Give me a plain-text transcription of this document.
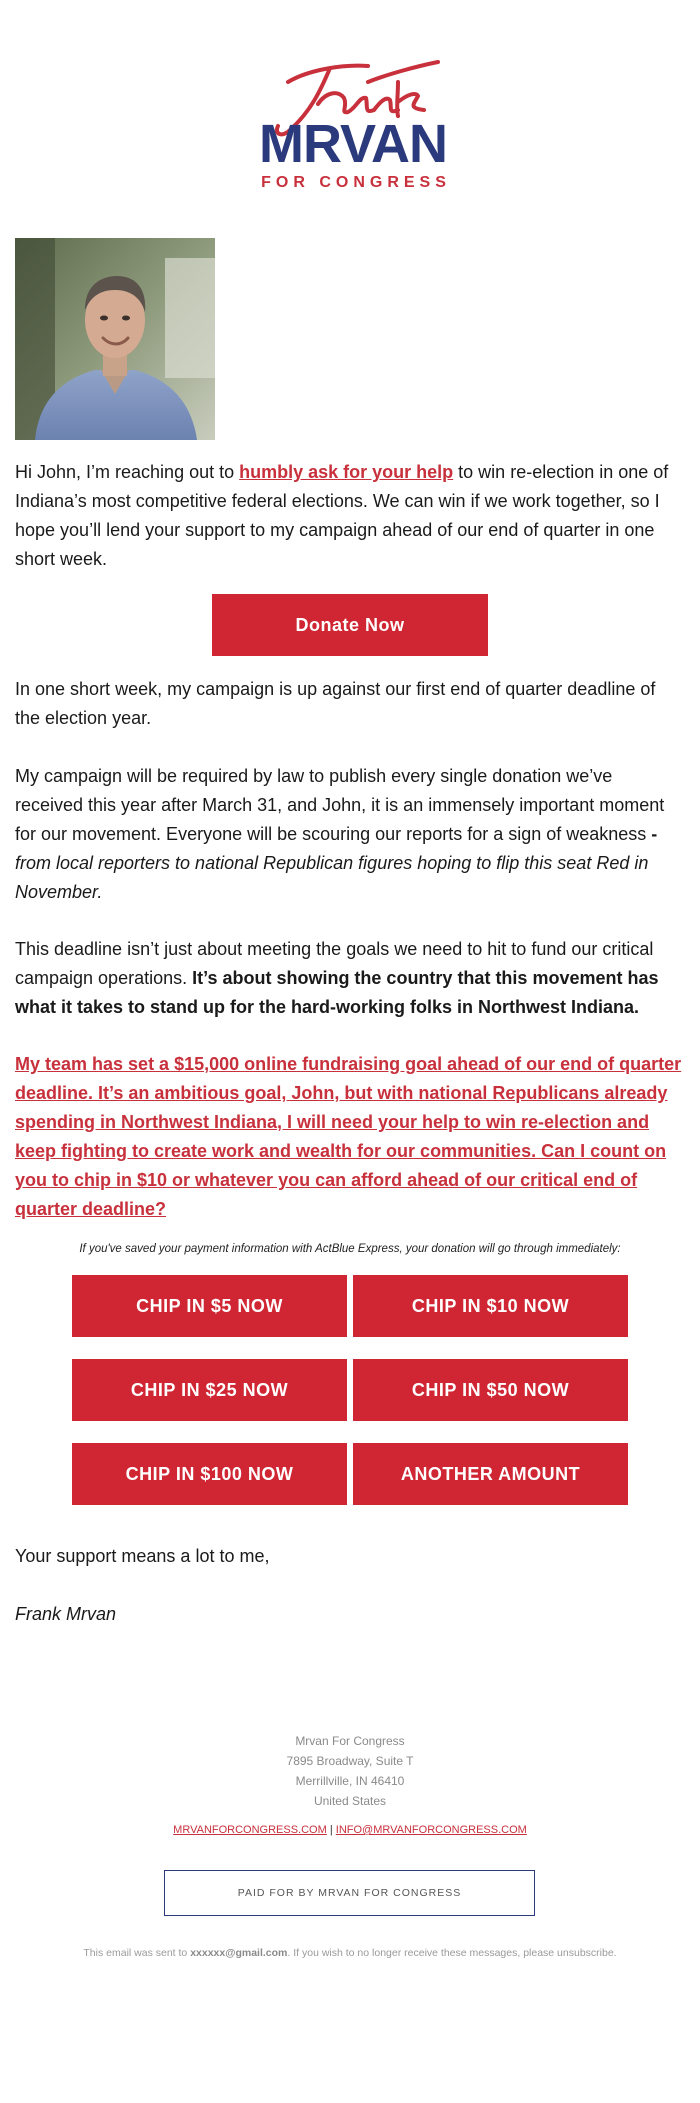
MRVAN
FOR CONGRESS

Hi John, I’m reaching out to humbly ask for your help to win re-election in one of Indiana’s most competitive federal elections. We can win if we work together, so I hope you’ll lend your support to my campaign ahead of our end of quarter in one short week.

Donate Now

In one short week, my campaign is up against our first end of quarter deadline of the election year.

My campaign will be required by law to publish every single donation we’ve received this year after March 31, and John, it is an immensely important moment for our movement. Everyone will be scouring our reports for a sign of weakness - from local reporters to national Republican figures hoping to flip this seat Red in November.

This deadline isn’t just about meeting the goals we need to hit to fund our critical campaign operations. It’s about showing the country that this movement has what it takes to stand up for the hard-working folks in Northwest Indiana.

My team has set a $15,000 online fundraising goal ahead of our end of quarter deadline. It’s an ambitious goal, John, but with national Republicans already spending in Northwest Indiana, I will need your help to win re-election and keep fighting to create work and wealth for our communities. Can I count on you to chip in $10 or whatever you can afford ahead of our critical end of quarter deadline?

If you've saved your payment information with ActBlue Express, your donation will go through immediately:
CHIP IN $5 NOW	CHIP IN $10 NOW
CHIP IN $25 NOW	CHIP IN $50 NOW
CHIP IN $100 NOW	ANOTHER AMOUNT

Your support means a lot to me,

Frank Mrvan

Mrvan For Congress
7895 Broadway, Suite T
Merrillville, IN 46410
United States
MRVANFORCONGRESS.COM | INFO@MRVANFORCONGRESS.COM
PAID FOR BY MRVAN FOR CONGRESS
This email was sent to xxxxxx@gmail.com. If you wish to no longer receive these messages, please unsubscribe.
